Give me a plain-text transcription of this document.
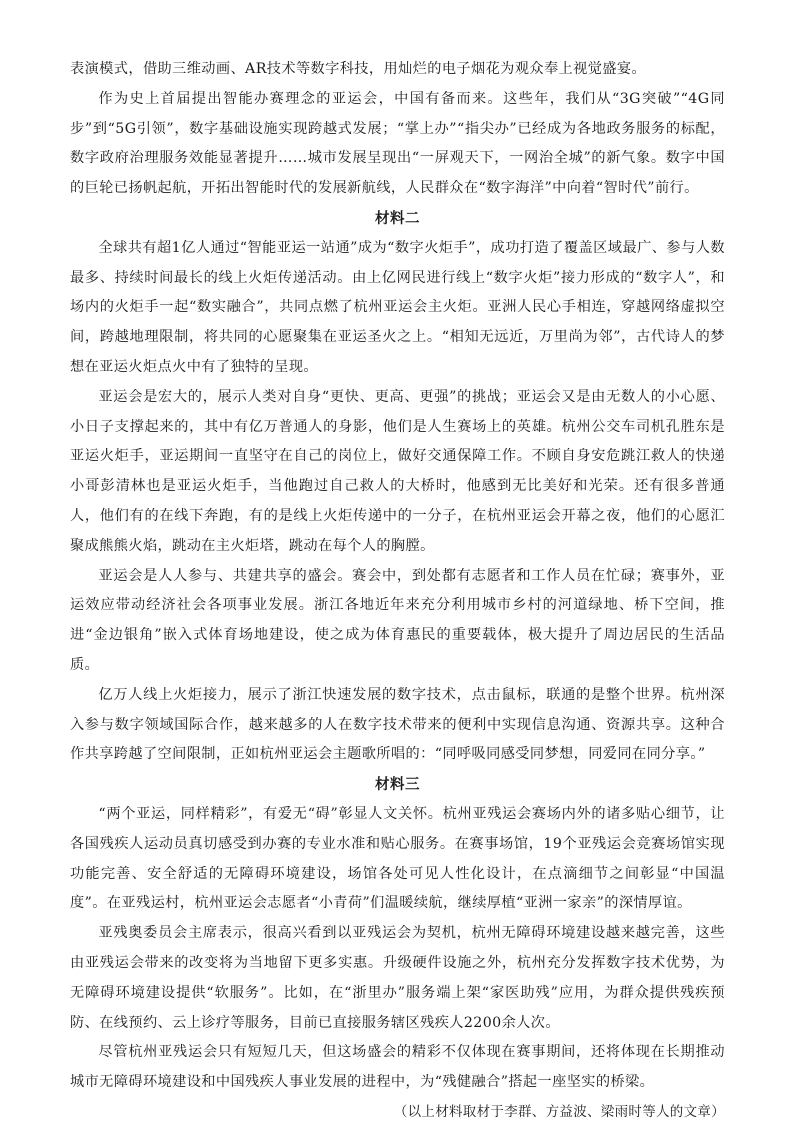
表演模式，借助三维动画、AR技术等数字科技，用灿烂的电子烟花为观众奉上视觉盛宴。

作为史上首届提出智能办赛理念的亚运会，中国有备而来。这些年，我们从“3G突破”“4G同步”到“5G引领”，数字基础设施实现跨越式发展；“掌上办”“指尖办”已经成为各地政务服务的标配，数字政府治理服务效能显著提升……城市发展呈现出“一屏观天下，一网治全城”的新气象。数字中国的巨轮已扬帆起航，开拓出智能时代的发展新航线，人民群众在“数字海洋”中向着“智时代”前行。

材料二

全球共有超1亿人通过“智能亚运一站通”成为“数字火炬手”，成功打造了覆盖区域最广、参与人数最多、持续时间最长的线上火炬传递活动。由上亿网民进行线上“数字火炬”接力形成的“数字人”，和场内的火炬手一起“数实融合”，共同点燃了杭州亚运会主火炬。亚洲人民心手相连，穿越网络虚拟空间，跨越地理限制，将共同的心愿聚集在亚运圣火之上。“相知无远近，万里尚为邻”，古代诗人的梦想在亚运火炬点火中有了独特的呈现。

亚运会是宏大的，展示人类对自身“更快、更高、更强”的挑战；亚运会又是由无数人的小心愿、小日子支撑起来的，其中有亿万普通人的身影，他们是人生赛场上的英雄。杭州公交车司机孔胜东是亚运火炬手，亚运期间一直坚守在自己的岗位上，做好交通保障工作。不顾自身安危跳江救人的快递小哥彭清林也是亚运火炬手，当他跑过自己救人的大桥时，他感到无比美好和光荣。还有很多普通人，他们有的在线下奔跑，有的是线上火炬传递中的一分子，在杭州亚运会开幕之夜，他们的心愿汇聚成熊熊火焰，跳动在主火炬塔，跳动在每个人的胸膛。

亚运会是人人参与、共建共享的盛会。赛会中，到处都有志愿者和工作人员在忙碌；赛事外，亚运效应带动经济社会各项事业发展。浙江各地近年来充分利用城市乡村的河道绿地、桥下空间，推进“金边银角”嵌入式体育场地建设，使之成为体育惠民的重要载体，极大提升了周边居民的生活品质。

亿万人线上火炬接力，展示了浙江快速发展的数字技术，点击鼠标，联通的是整个世界。杭州深入参与数字领域国际合作，越来越多的人在数字技术带来的便利中实现信息沟通、资源共享。这种合作共享跨越了空间限制，正如杭州亚运会主题歌所唱的：“同呼吸同感受同梦想，同爱同在同分享。”

材料三

“两个亚运，同样精彩”，有爱无“碍”彰显人文关怀。杭州亚残运会赛场内外的诸多贴心细节，让各国残疾人运动员真切感受到办赛的专业水准和贴心服务。在赛事场馆，19个亚残运会竞赛场馆实现功能完善、安全舒适的无障碍环境建设，场馆各处可见人性化设计，在点滴细节之间彰显“中国温度”。在亚残运村，杭州亚运会志愿者“小青荷”们温暖续航，继续厚植“亚洲一家亲”的深情厚谊。

亚残奥委员会主席表示，很高兴看到以亚残运会为契机，杭州无障碍环境建设越来越完善，这些由亚残运会带来的改变将为当地留下更多实惠。升级硬件设施之外，杭州充分发挥数字技术优势，为无障碍环境建设提供“软服务”。比如，在“浙里办”服务端上架“家医助残”应用，为群众提供残疾预防、在线预约、云上诊疗等服务，目前已直接服务辖区残疾人2200余人次。

尽管杭州亚残运会只有短短几天，但这场盛会的精彩不仅体现在赛事期间，还将体现在长期推动城市无障碍环境建设和中国残疾人事业发展的进程中，为“残健融合”搭起一座坚实的桥梁。

（以上材料取材于李群、方益波、梁雨时等人的文章）
